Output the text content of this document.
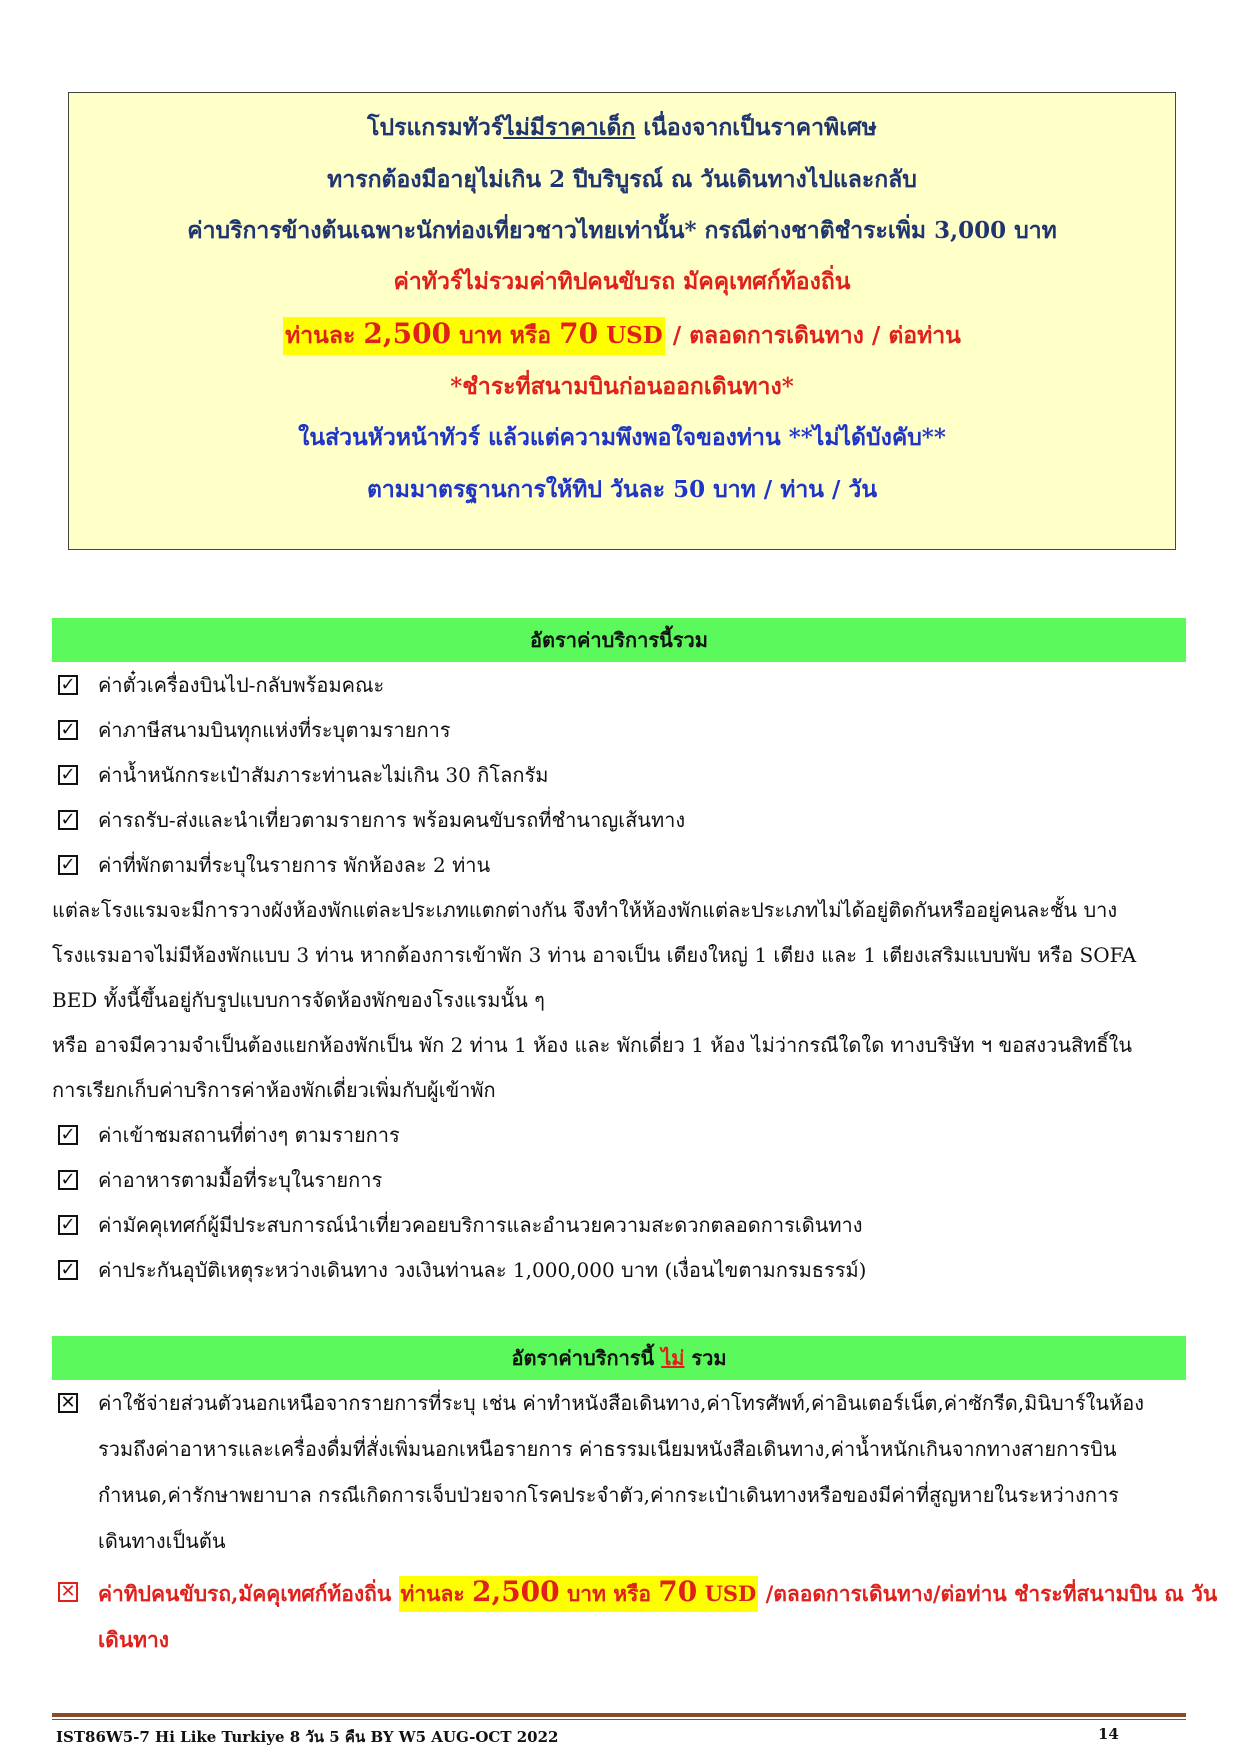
โปรแกรมทัวร์ไม่มีราคาเด็ก เนื่องจากเป็นราคาพิเศษ
ทารกต้องมีอายุไม่เกิน 2 ปีบริบูรณ์ ณ วันเดินทางไปและกลับ
ค่าบริการข้างต้นเฉพาะนักท่องเที่ยวชาวไทยเท่านั้น* กรณีต่างชาติชำระเพิ่ม 3,000 บาท
ค่าทัวร์ไม่รวมค่าทิปคนขับรถ มัคคุเทศก์ท้องถิ่น
ท่านละ 2,500 บาท หรือ 70 USD / ตลอดการเดินทาง / ต่อท่าน
*ชำระที่สนามบินก่อนออกเดินทาง*
ในส่วนหัวหน้าทัวร์ แล้วแต่ความพึงพอใจของท่าน **ไม่ได้บังคับ**
ตามมาตรฐานการให้ทิป วันละ 50 บาท / ท่าน / วัน
อัตราค่าบริการนี้รวม
✓ ค่าตั๋วเครื่องบินไป-กลับพร้อมคณะ
✓ ค่าภาษีสนามบินทุกแห่งที่ระบุตามรายการ
✓ ค่าน้ำหนักกระเป๋าสัมภาระท่านละไม่เกิน 30 กิโลกรัม
✓ ค่ารถรับ-ส่งและนำเที่ยวตามรายการ พร้อมคนขับรถที่ชำนาญเส้นทาง
✓ ค่าที่พักตามที่ระบุในรายการ พักห้องละ 2 ท่าน
แต่ละโรงแรมจะมีการวางผังห้องพักแต่ละประเภทแตกต่างกัน จึงทำให้ห้องพักแต่ละประเภทไม่ได้อยู่ติดกันหรืออยู่คนละชั้น บาง
โรงแรมอาจไม่มีห้องพักแบบ 3 ท่าน หากต้องการเข้าพัก 3 ท่าน อาจเป็น เตียงใหญ่ 1 เตียง และ 1 เตียงเสริมแบบพับ หรือ SOFA
BED ทั้งนี้ขึ้นอยู่กับรูปแบบการจัดห้องพักของโรงแรมนั้น ๆ
หรือ อาจมีความจำเป็นต้องแยกห้องพักเป็น พัก 2 ท่าน 1 ห้อง และ พักเดี่ยว 1 ห้อง ไม่ว่ากรณีใดใด ทางบริษัท ฯ ขอสงวนสิทธิ์ใน
การเรียกเก็บค่าบริการค่าห้องพักเดี่ยวเพิ่มกับผู้เข้าพัก
✓ ค่าเข้าชมสถานที่ต่างๆ ตามรายการ
✓ ค่าอาหารตามมื้อที่ระบุในรายการ
✓ ค่ามัคคุเทศก์ผู้มีประสบการณ์นำเที่ยวคอยบริการและอำนวยความสะดวกตลอดการเดินทาง
✓ ค่าประกันอุบัติเหตุระหว่างเดินทาง วงเงินท่านละ 1,000,000 บาท (เงื่อนไขตามกรมธรรม์)
อัตราค่าบริการนี้ ไม่ รวม
✕ ค่าใช้จ่ายส่วนตัวนอกเหนือจากรายการที่ระบุ เช่น ค่าทำหนังสือเดินทาง,ค่าโทรศัพท์,ค่าอินเตอร์เน็ต,ค่าซักรีด,มินิบาร์ในห้อง
รวมถึงค่าอาหารและเครื่องดื่มที่สั่งเพิ่มนอกเหนือรายการ ค่าธรรมเนียมหนังสือเดินทาง,ค่าน้ำหนักเกินจากทางสายการบิน
กำหนด,ค่ารักษาพยาบาล กรณีเกิดการเจ็บป่วยจากโรคประจำตัว,ค่ากระเป๋าเดินทางหรือของมีค่าที่สูญหายในระหว่างการ
เดินทางเป็นต้น
✕ ค่าทิปคนขับรถ,มัคคุเทศก์ท้องถิ่น ท่านละ 2,500 บาท หรือ 70 USD /ตลอดการเดินทาง/ต่อท่าน ชำระที่สนามบิน ณ วัน
เดินทาง
IST86W5-7 Hi Like Turkiye 8 วัน 5 คืน BY W5 AUG-OCT 2022	14
